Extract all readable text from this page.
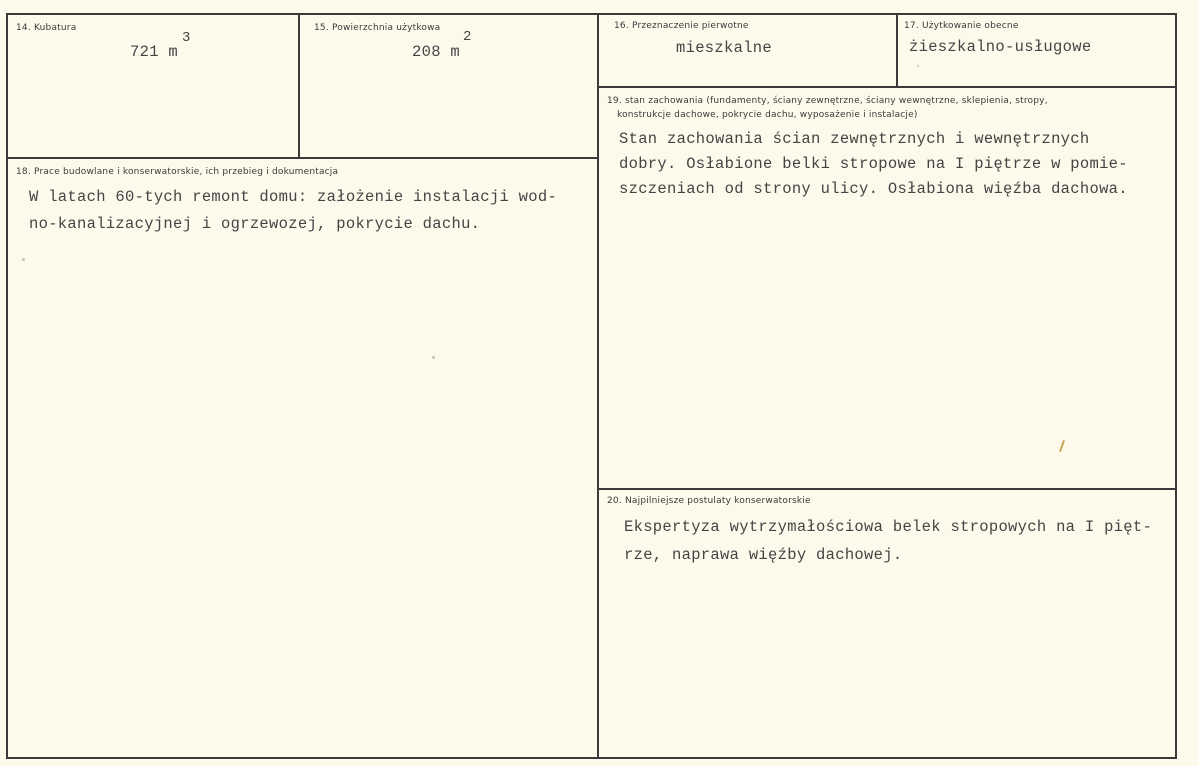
14. Kubatura
721 m
3
15. Powierzchnia użytkowa
208 m
2
16. Przeznaczenie pierwotne
mieszkalne
17. Użytkowanie obecne
żieszkalno-usługowe
18. Prace budowlane i konserwatorskie, ich przebieg i dokumentacja
W latach 60-tych remont domu: założenie instalacji wod-
no-kanalizacyjnej i ogrzewozej, pokrycie dachu.
19. stan zachowania (fundamenty, ściany zewnętrzne, ściany wewnętrzne, sklepienia, stropy,
konstrukcje dachowe, pokrycie dachu, wyposażenie i instalacje)
Stan zachowania ścian zewnętrznych i wewnętrznych
dobry. Osłabione belki stropowe na I piętrze w pomie-
szczeniach od strony ulicy. Osłabiona więźba dachowa.
20. Najpilniejsze postulaty konserwatorskie
Ekspertyza wytrzymałościowa belek stropowych na I pięt-
rze, naprawa więźby dachowej.
